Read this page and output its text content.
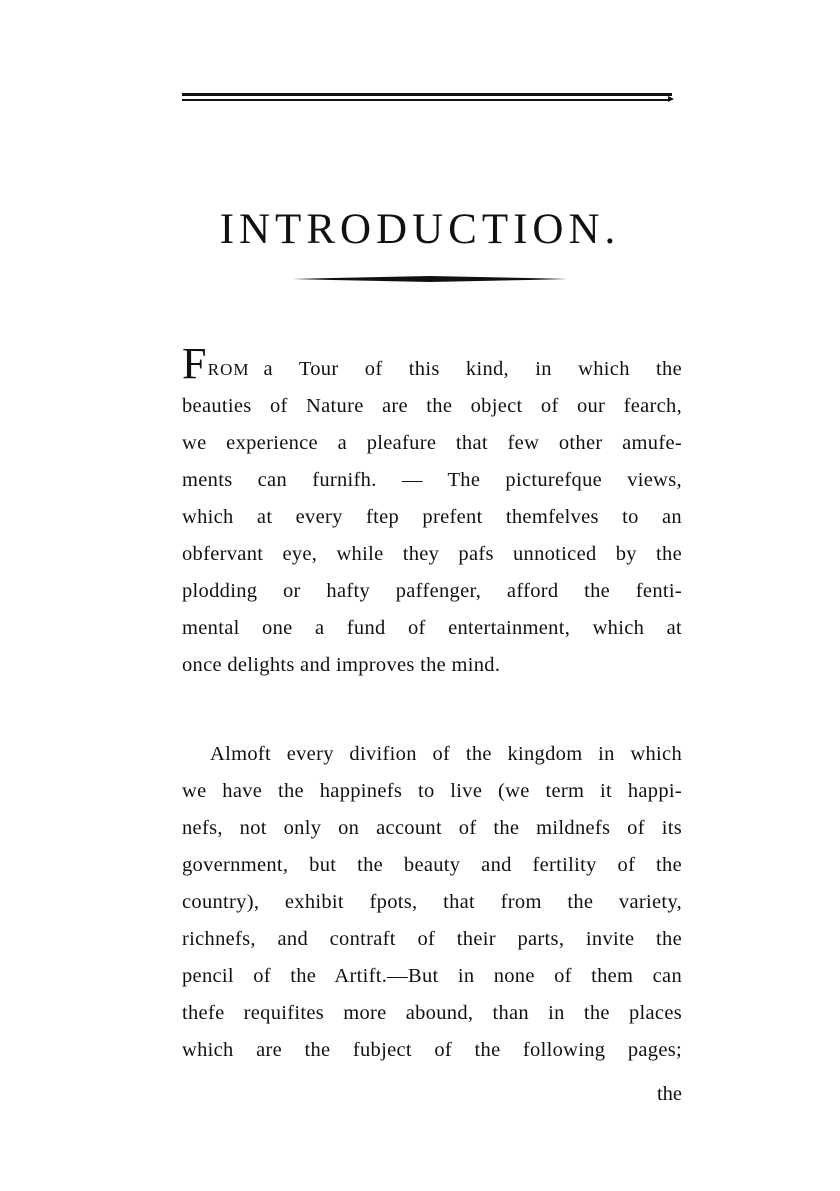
INTRODUCTION.
FROM a Tour of this kind, in which the
beauties of Nature are the object of our fearch,
we experience a pleafure that few other amufe-
ments can furnifh. — The picturefque views,
which at every ftep prefent themfelves to an
obfervant eye, while they pafs unnoticed by the
plodding or hafty paffenger, afford the fenti-
mental one a fund of entertainment, which at
once delights and improves the mind.
Almoft every divifion of the kingdom in which
we have the happinefs to live (we term it happi-
nefs, not only on account of the mildnefs of its
government, but the beauty and fertility of the
country), exhibit fpots, that from the variety,
richnefs, and contraft of their parts, invite the
pencil of the Artift.—But in none of them can
thefe requifites more abound, than in the places
which are the fubject of the following pages;
the
